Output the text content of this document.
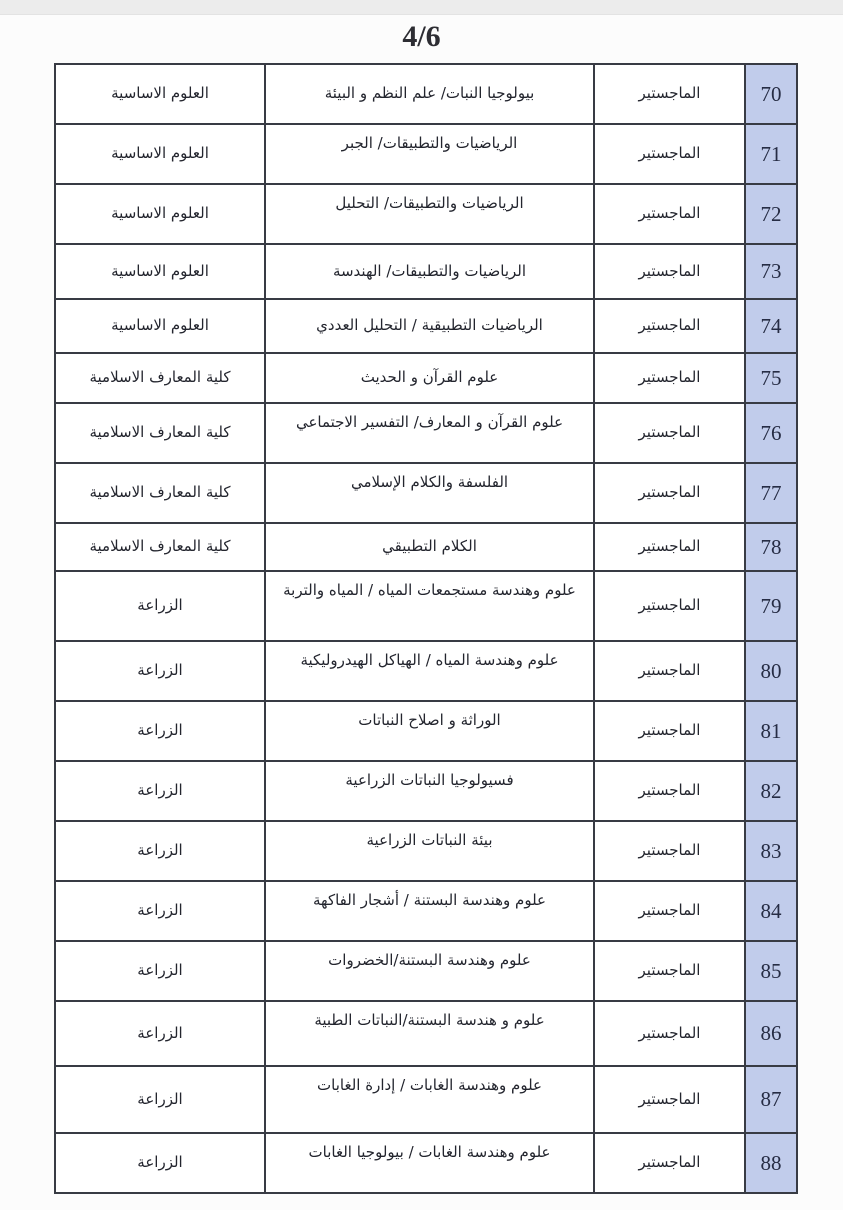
4/6
70
الماجستير
بيولوجيا النبات/ علم النظم و البيئة
العلوم الاساسية
71
الماجستير
الرياضيات والتطبيقات/ الجبر
العلوم الاساسية
72
الماجستير
الرياضيات والتطبيقات/ التحليل
العلوم الاساسية
73
الماجستير
الرياضيات والتطبيقات/ الهندسة
العلوم الاساسية
74
الماجستير
الرياضيات التطبيقية / التحليل العددي
العلوم الاساسية
75
الماجستير
علوم القرآن و الحديث
كلية المعارف الاسلامية
76
الماجستير
علوم القرآن و المعارف/ التفسير الاجتماعي
كلية المعارف الاسلامية
77
الماجستير
الفلسفة والكلام الإسلامي
كلية المعارف الاسلامية
78
الماجستير
الكلام التطبيقي
كلية المعارف الاسلامية
79
الماجستير
علوم وهندسة مستجمعات المياه / المياه والتربة
الزراعة
80
الماجستير
علوم وهندسة المياه / الهياكل الهيدروليكية
الزراعة
81
الماجستير
الوراثة و اصلاح النباتات
الزراعة
82
الماجستير
فسيولوجيا النباتات الزراعية
الزراعة
83
الماجستير
بيئة النباتات الزراعية
الزراعة
84
الماجستير
علوم وهندسة البستنة / أشجار الفاكهة
الزراعة
85
الماجستير
علوم وهندسة البستنة/الخضروات
الزراعة
86
الماجستير
علوم و هندسة البستنة/النباتات الطبية
الزراعة
87
الماجستير
علوم وهندسة الغابات / إدارة الغابات
الزراعة
88
الماجستير
علوم وهندسة الغابات / بيولوجيا الغابات
الزراعة
